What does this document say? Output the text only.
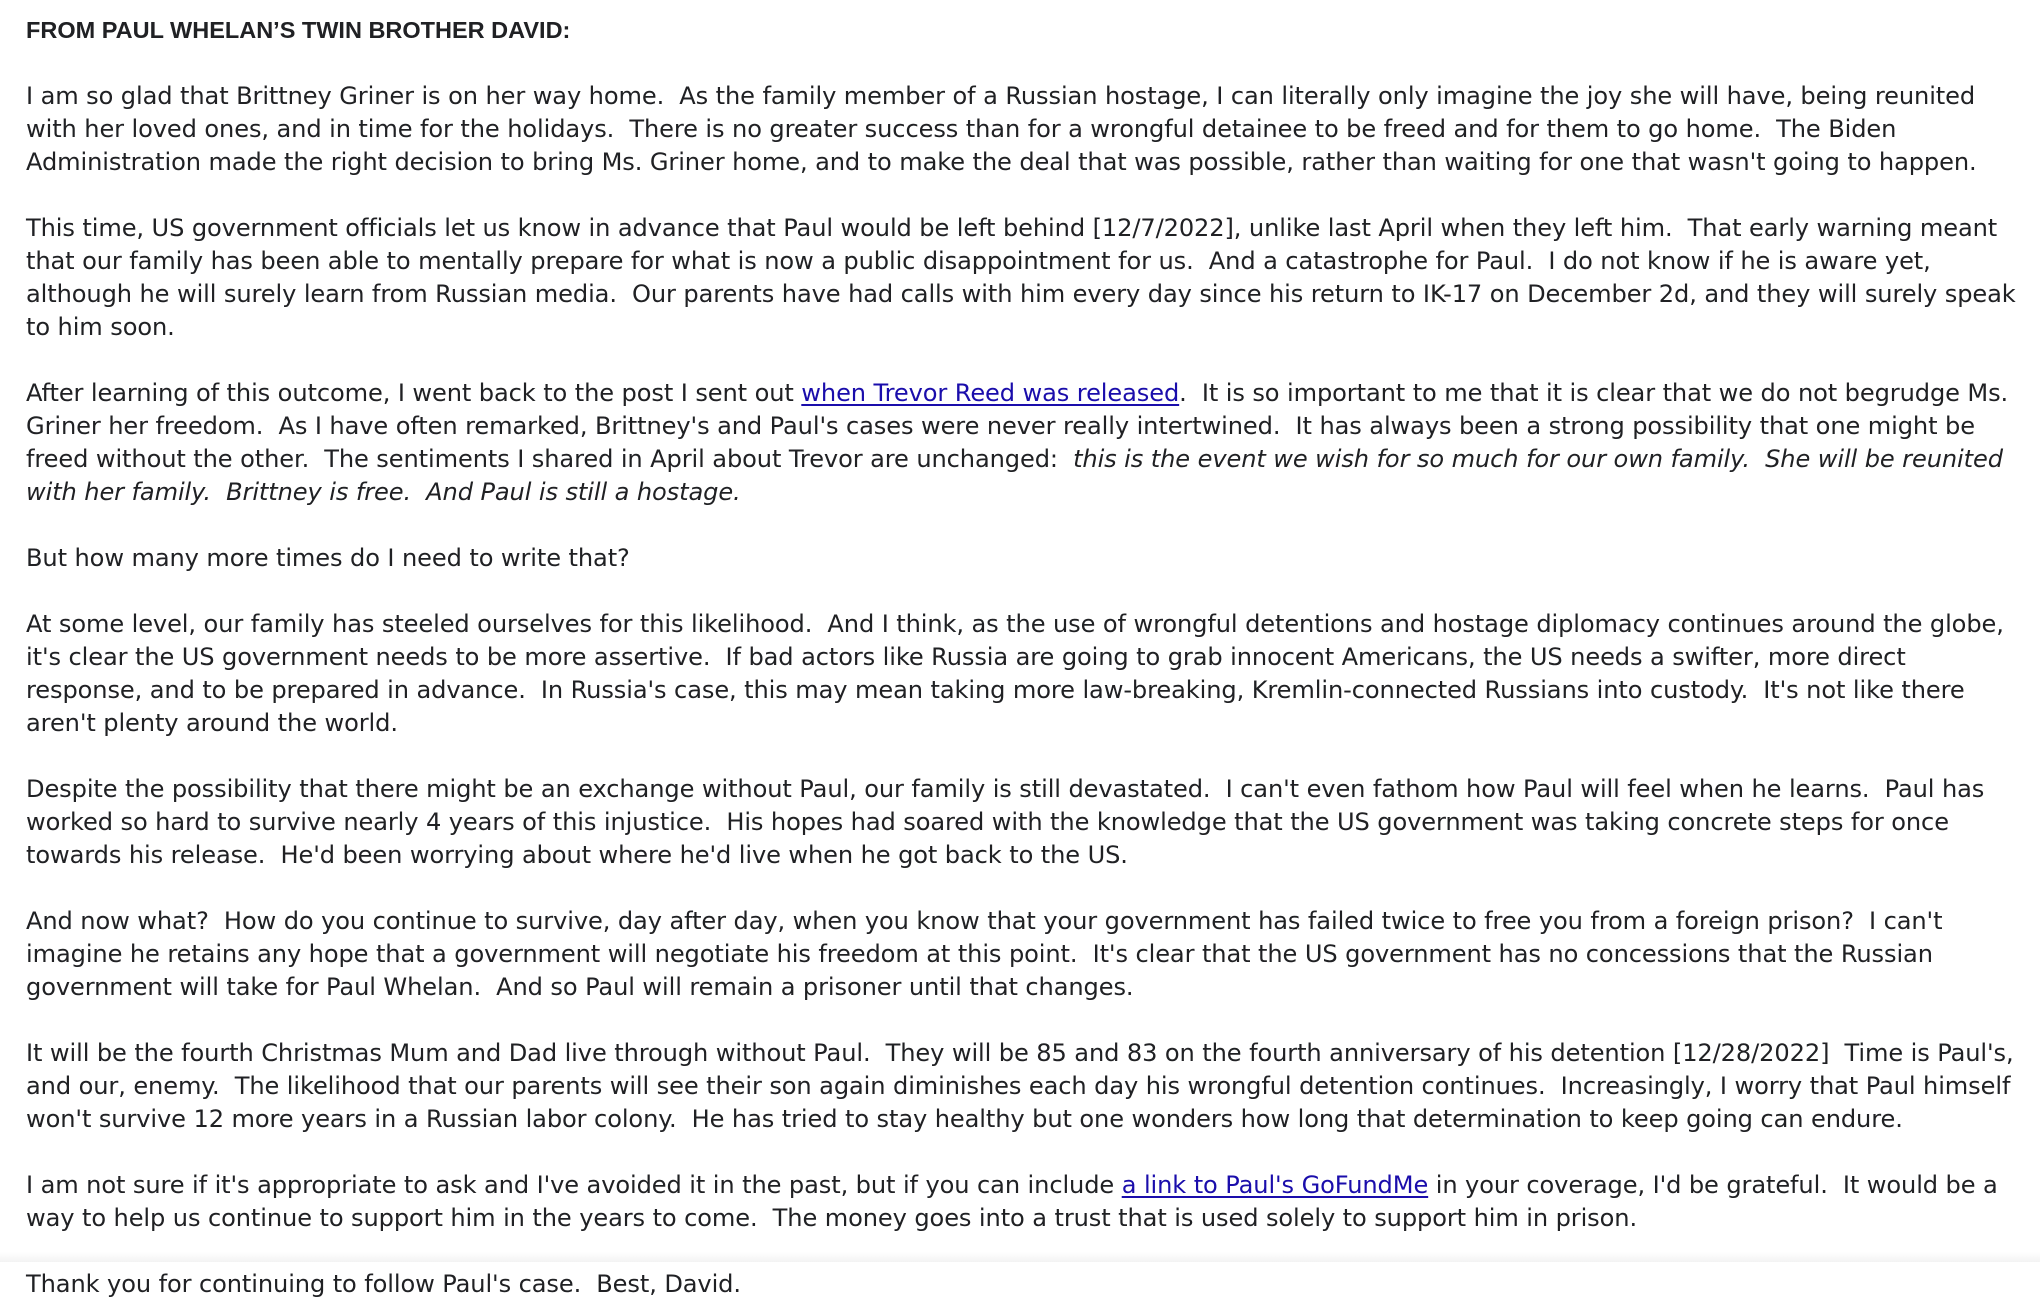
FROM PAUL WHELAN’S TWIN BROTHER DAVID:

I am so glad that Brittney Griner is on her way home.  As the family member of a Russian hostage, I can literally only imagine the joy she will have, being reunited with her loved ones, and in time for the holidays.  There is no greater success than for a wrongful detainee to be freed and for them to go home.  The Biden Administration made the right decision to bring Ms. Griner home, and to make the deal that was possible, rather than waiting for one that wasn't going to happen.

This time, US government officials let us know in advance that Paul would be left behind [12/7/2022], unlike last April when they left him.  That early warning meant that our family has been able to mentally prepare for what is now a public disappointment for us.  And a catastrophe for Paul.  I do not know if he is aware yet, although he will surely learn from Russian media.  Our parents have had calls with him every day since his return to IK-17 on December 2d, and they will surely speak to him soon.

After learning of this outcome, I went back to the post I sent out when Trevor Reed was released.  It is so important to me that it is clear that we do not begrudge Ms. Griner her freedom.  As I have often remarked, Brittney's and Paul's cases were never really intertwined.  It has always been a strong possibility that one might be freed without the other.  The sentiments I shared in April about Trevor are unchanged:  this is the event we wish for so much for our own family.  She will be reunited with her family.  Brittney is free.  And Paul is still a hostage.

But how many more times do I need to write that?

At some level, our family has steeled ourselves for this likelihood.  And I think, as the use of wrongful detentions and hostage diplomacy continues around the globe, it's clear the US government needs to be more assertive.  If bad actors like Russia are going to grab innocent Americans, the US needs a swifter, more direct response, and to be prepared in advance.  In Russia's case, this may mean taking more law-breaking, Kremlin-connected Russians into custody.  It's not like there aren't plenty around the world.

Despite the possibility that there might be an exchange without Paul, our family is still devastated.  I can't even fathom how Paul will feel when he learns.  Paul has worked so hard to survive nearly 4 years of this injustice.  His hopes had soared with the knowledge that the US government was taking concrete steps for once towards his release.  He'd been worrying about where he'd live when he got back to the US.

And now what?  How do you continue to survive, day after day, when you know that your government has failed twice to free you from a foreign prison?  I can't imagine he retains any hope that a government will negotiate his freedom at this point.  It's clear that the US government has no concessions that the Russian government will take for Paul Whelan.  And so Paul will remain a prisoner until that changes.

It will be the fourth Christmas Mum and Dad live through without Paul.  They will be 85 and 83 on the fourth anniversary of his detention [12/28/2022]  Time is Paul's, and our, enemy.  The likelihood that our parents will see their son again diminishes each day his wrongful detention continues.  Increasingly, I worry that Paul himself won't survive 12 more years in a Russian labor colony.  He has tried to stay healthy but one wonders how long that determination to keep going can endure.

I am not sure if it's appropriate to ask and I've avoided it in the past, but if you can include a link to Paul's GoFundMe in your coverage, I'd be grateful.  It would be a way to help us continue to support him in the years to come.  The money goes into a trust that is used solely to support him in prison.

Thank you for continuing to follow Paul's case.  Best, David.
